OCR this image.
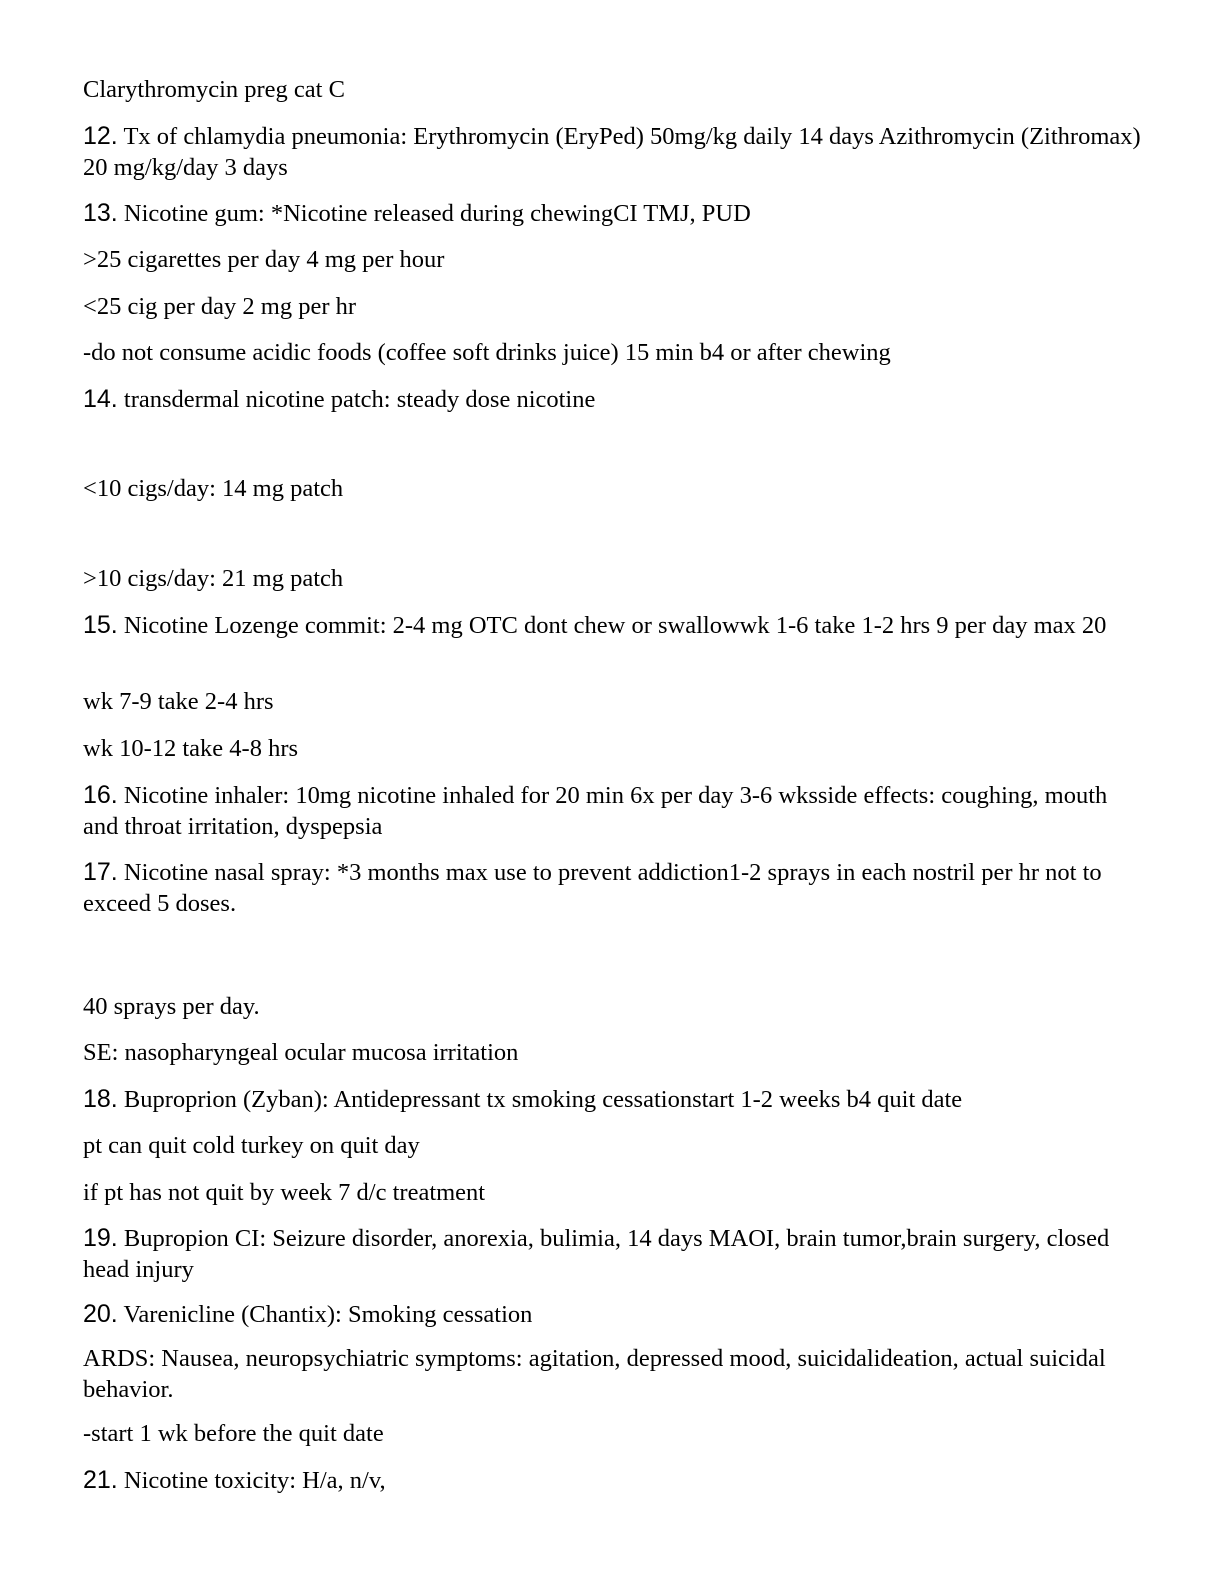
Clarythromycin preg cat C

12. Tx of chlamydia pneumonia: Erythromycin (EryPed) 50mg/kg daily 14 days Azithromycin (Zithromax) 20 mg/kg/day 3 days

13. Nicotine gum: *Nicotine released during chewingCI TMJ, PUD

>25 cigarettes per day 4 mg per hour

<25 cig per day 2 mg per hr

-do not consume acidic foods (coffee soft drinks juice) 15 min b4 or after chewing

14. transdermal nicotine patch: steady dose nicotine

<10 cigs/day: 14 mg patch

>10 cigs/day: 21 mg patch

15. Nicotine Lozenge commit: 2-4 mg OTC dont chew or swallowwk 1-6 take 1-2 hrs 9 per day max 20

wk 7-9 take 2-4 hrs

wk 10-12 take 4-8 hrs

16. Nicotine inhaler: 10mg nicotine inhaled for 20 min 6x per day 3-6 wksside effects: coughing, mouth and throat irritation, dyspepsia

17. Nicotine nasal spray: *3 months max use to prevent addiction1-2 sprays in each nostril per hr not to exceed 5 doses.

40 sprays per day.

SE: nasopharyngeal ocular mucosa irritation

18. Buproprion (Zyban): Antidepressant tx smoking cessationstart 1-2 weeks b4 quit date

pt can quit cold turkey on quit day

if pt has not quit by week 7 d/c treatment

19. Bupropion CI: Seizure disorder, anorexia, bulimia, 14 days MAOI, brain tumor,brain surgery, closed head injury

20. Varenicline (Chantix): Smoking cessation

ARDS: Nausea, neuropsychiatric symptoms: agitation, depressed mood, suicidalideation, actual suicidal behavior.

-start 1 wk before the quit date

21. Nicotine toxicity: H/a, n/v,
